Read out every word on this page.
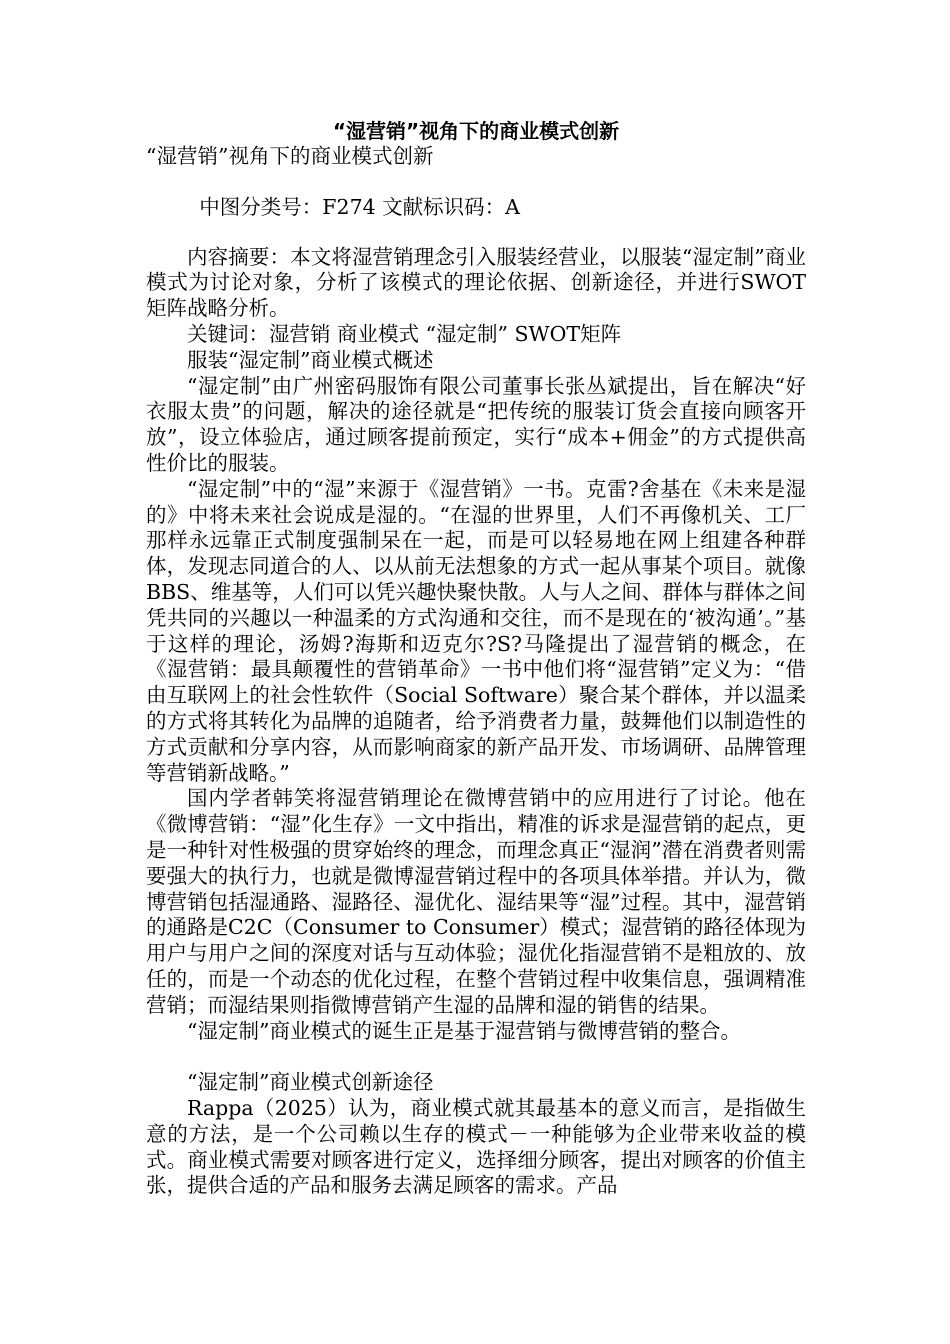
“湿营销”视角下的商业模式创新

“湿营销”视角下的商业模式创新

中图分类号：F274 文献标识码：A

内容摘要：本文将湿营销理念引入服装经营业，以服装“湿定制”商业模式为讨论对象，分析了该模式的理论依据、创新途径，并进行SWOT矩阵战略分析。

关键词：湿营销 商业模式 “湿定制” SWOT矩阵

服装“湿定制”商业模式概述

“湿定制”由广州密码服饰有限公司董事长张丛斌提出，旨在解决“好衣服太贵”的问题，解决的途径就是“把传统的服装订货会直接向顾客开放”，设立体验店，通过顾客提前预定，实行“成本+佣金”的方式提供高性价比的服装。

“湿定制”中的“湿”来源于《湿营销》一书。克雷?舍基在《未来是湿的》中将未来社会说成是湿的。“在湿的世界里，人们不再像机关、工厂那样永远靠正式制度强制呆在一起，而是可以轻易地在网上组建各种群体，发现志同道合的人、以从前无法想象的方式一起从事某个项目。就像BBS、维基等，人们可以凭兴趣快聚快散。人与人之间、群体与群体之间凭共同的兴趣以一种温柔的方式沟通和交往，而不是现在的‘被沟通’。”基于这样的理论，汤姆?海斯和迈克尔?S?马隆提出了湿营销的概念，在《湿营销：最具颠覆性的营销革命》一书中他们将“湿营销”定义为：“借由互联网上的社会性软件（Social Software）聚合某个群体，并以温柔的方式将其转化为品牌的追随者，给予消费者力量，鼓舞他们以制造性的方式贡献和分享内容，从而影响商家的新产品开发、市场调研、品牌管理等营销新战略。”

国内学者韩笑将湿营销理论在微博营销中的应用进行了讨论。他在《微博营销：“湿”化生存》一文中指出，精准的诉求是湿营销的起点，更是一种针对性极强的贯穿始终的理念，而理念真正“湿润”潜在消费者则需要强大的执行力，也就是微博湿营销过程中的各项具体举措。并认为，微博营销包括湿通路、湿路径、湿优化、湿结果等“湿”过程。其中，湿营销的通路是C2C（Consumer to Consumer）模式；湿营销的路径体现为用户与用户之间的深度对话与互动体验；湿优化指湿营销不是粗放的、放任的，而是一个动态的优化过程，在整个营销过程中收集信息，强调精准营销；而湿结果则指微博营销产生湿的品牌和湿的销售的结果。

“湿定制”商业模式的诞生正是基于湿营销与微博营销的整合。

“湿定制”商业模式创新途径

Rappa（2025）认为，商业模式就其最基本的意义而言，是指做生意的方法，是一个公司赖以生存的模式－一种能够为企业带来收益的模式。商业模式需要对顾客进行定义，选择细分顾客，提出对顾客的价值主张，提供合适的产品和服务去满足顾客的需求。产品
